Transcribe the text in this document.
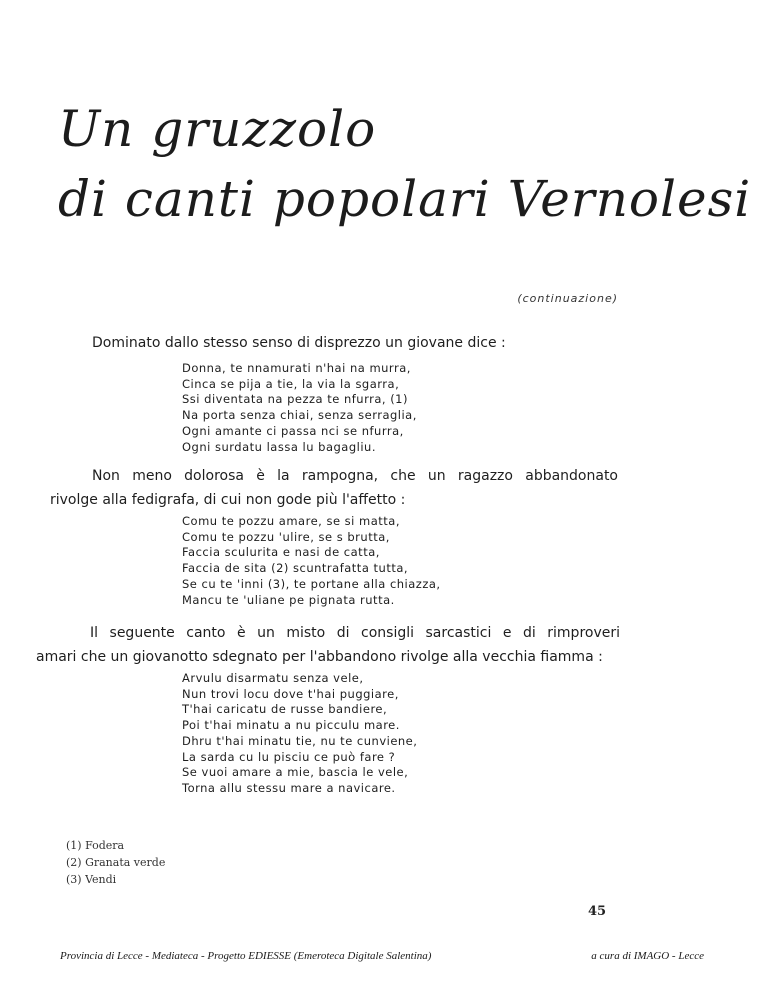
Un gruzzolo
di canti popolari Vernolesi
(continuazione)
Dominato dallo stesso senso di disprezzo un giovane dice :
Donna, te nnamurati n'hai na murra,
Cinca se pija a tie, la via la sgarra,
Ssi diventata na pezza te nfurra, (1)
Na porta senza chiai, senza serraglia,
Ogni amante ci passa nci se nfurra,
Ogni surdatu lassa lu bagagliu.
Non meno dolorosa è la rampogna, che un ragazzo abbandonato
rivolge alla fedigrafa, di cui non gode più l'affetto :
Comu te pozzu amare, se si matta,
Comu te pozzu 'ulire, se s brutta,
Faccia sculurita e nasi de catta,
Faccia de sita (2) scuntrafatta tutta,
Se cu te 'inni (3), te portane alla chiazza,
Mancu te 'uliane pe pignata rutta.
Il seguente canto è un misto di consigli sarcastici e di rimproveri
amari che un giovanotto sdegnato per l'abbandono rivolge alla vecchia fiamma :
Arvulu disarmatu senza vele,
Nun trovi locu dove t'hai puggiare,
T'hai caricatu de russe bandiere,
Poi t'hai minatu a nu picculu mare.
Dhru t'hai minatu tie, nu te cunviene,
La sarda cu lu pisciu ce può fare ?
Se vuoi amare a mie, bascia le vele,
Torna allu stessu mare a navicare.
(1) Fodera
(2) Granata verde
(3) Vendi
45
Provincia di Lecce - Mediateca - Progetto EDIESSE (Emeroteca Digitale Salentina)	a cura di IMAGO - Lecce
